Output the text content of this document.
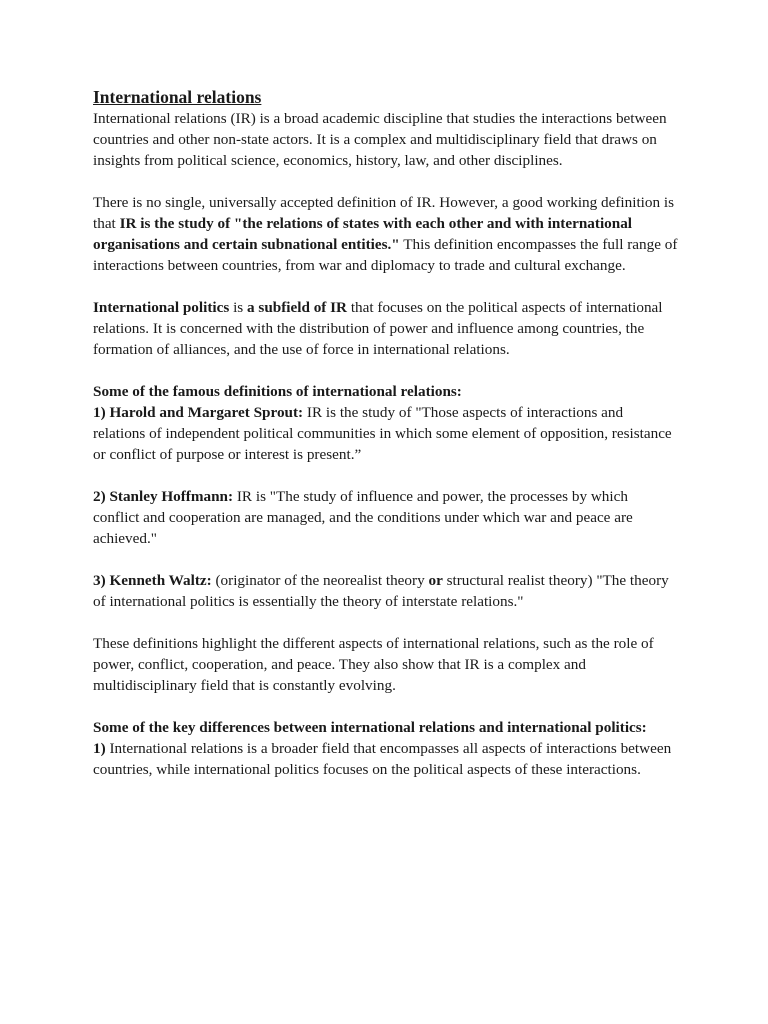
International relations

International relations (IR) is a broad academic discipline that studies the interactions between countries and other non-state actors. It is a complex and multidisciplinary field that draws on insights from political science, economics, history, law, and other disciplines.

There is no single, universally accepted definition of IR. However, a good working definition is that IR is the study of "the relations of states with each other and with international organisations and certain subnational entities." This definition encompasses the full range of interactions between countries, from war and diplomacy to trade and cultural exchange.

International politics is a subfield of IR that focuses on the political aspects of international relations. It is concerned with the distribution of power and influence among countries, the formation of alliances, and the use of force in international relations.

Some of the famous definitions of international relations:

1) Harold and Margaret Sprout: IR is the study of "Those aspects of interactions and relations of independent political communities in which some element of opposition, resistance or conflict of purpose or interest is present.”

2) Stanley Hoffmann: IR is "The study of influence and power, the processes by which conflict and cooperation are managed, and the conditions under which war and peace are achieved."

3) Kenneth Waltz: (originator of the neorealist theory or structural realist theory) "The theory of international politics is essentially the theory of interstate relations."

These definitions highlight the different aspects of international relations, such as the role of power, conflict, cooperation, and peace. They also show that IR is a complex and multidisciplinary field that is constantly evolving.

Some of the key differences between international relations and international politics:

1) International relations is a broader field that encompasses all aspects of interactions between countries, while international politics focuses on the political aspects of these interactions.
